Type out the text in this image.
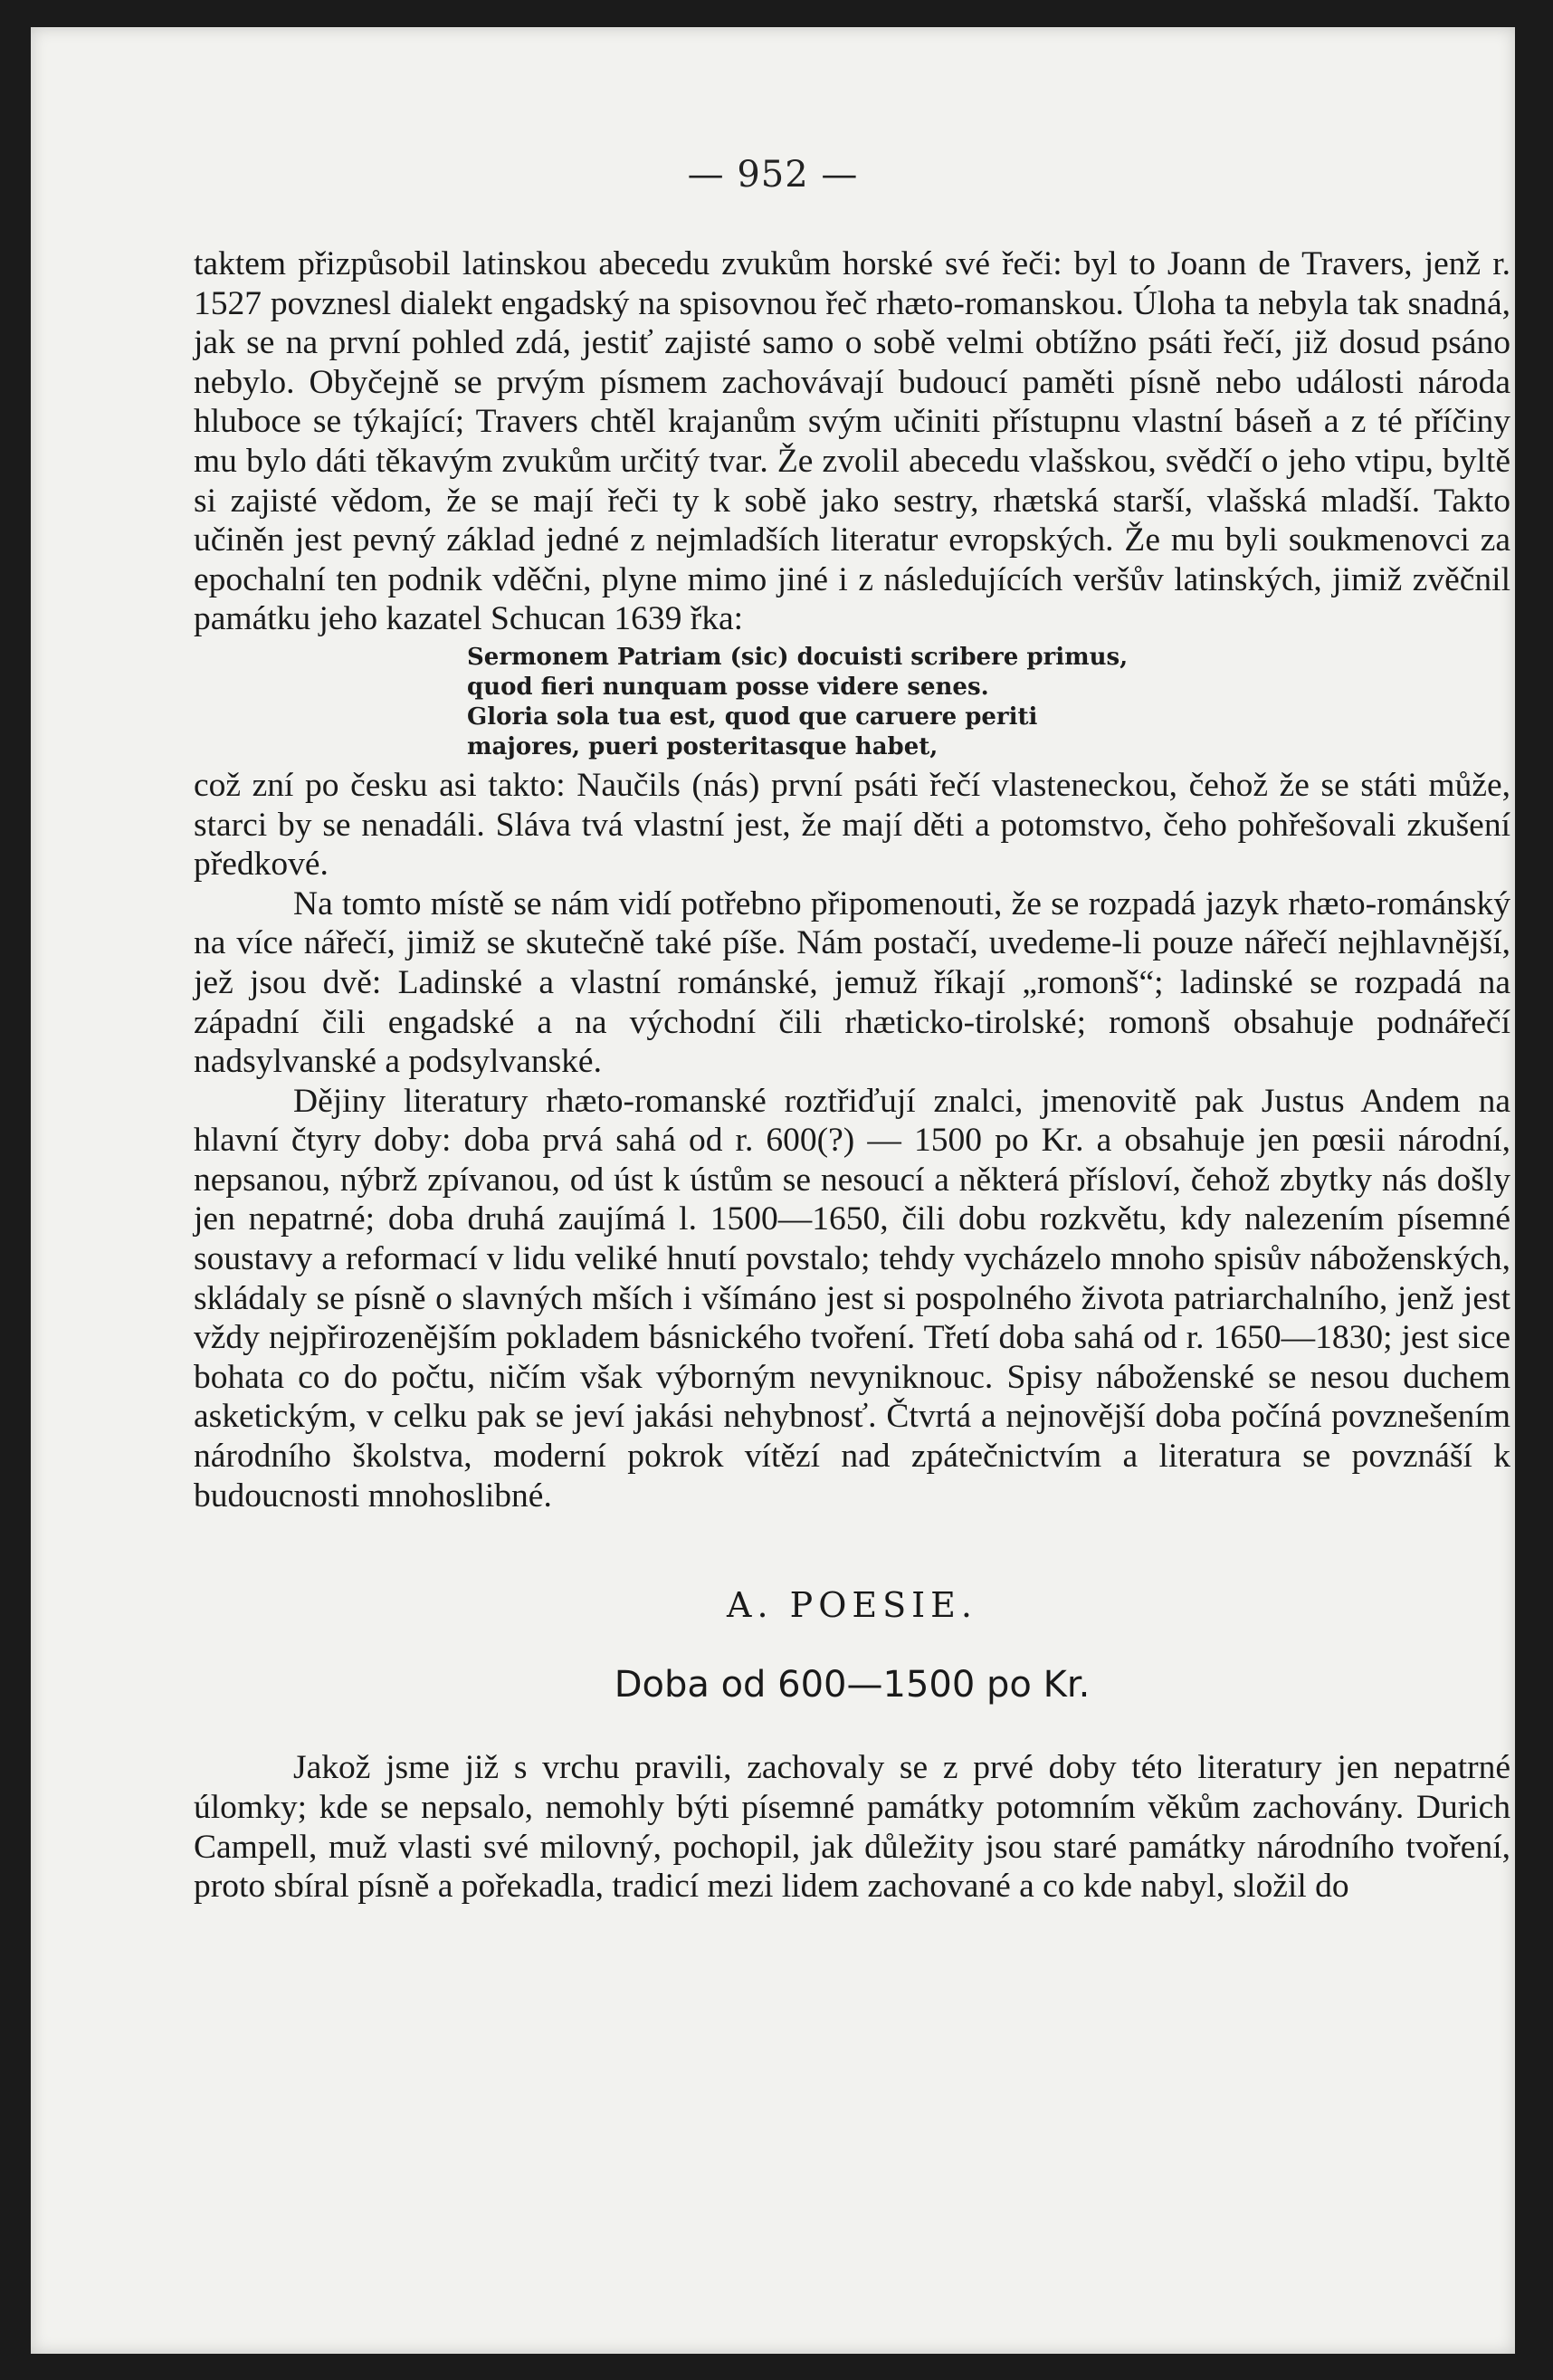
— 952 —

taktem přizpůsobil latinskou abecedu zvukům horské své řeči: byl to Joann de Travers, jenž r. 1527 povznesl dialekt engadský na spisovnou řeč rhæto-romanskou. Úloha ta nebyla tak snadná, jak se na první pohled zdá, jestiť zajisté samo o sobě velmi obtížno psáti řečí, již dosud psáno nebylo. Obyčejně se prvým písmem zachovávají budoucí paměti písně nebo události národa hluboce se týkající; Travers chtěl krajanům svým učiniti přístupnu vlastní báseň a z té příčiny mu bylo dáti těkavým zvukům určitý tvar. Že zvolil abecedu vlašskou, svědčí o jeho vtipu, byltě si zajisté vědom, že se mají řeči ty k sobě jako sestry, rhætská starší, vlašská mladší. Takto učiněn jest pevný základ jedné z nejmladších literatur evropských. Že mu byli soukmenovci za epochalní ten podnik vděčni, plyne mimo jiné i z následujících veršův latinských, jimiž zvěčnil památku jeho kazatel Schucan 1639 řka:

Sermonem Patriam (sic) docuisti scribere primus,
quod fieri nunquam posse videre senes.
Gloria sola tua est, quod que caruere periti
majores, pueri posteritasque habet,

což zní po česku asi takto: Naučils (nás) první psáti řečí vlasteneckou, čehož že se státi může, starci by se nenadáli. Sláva tvá vlastní jest, že mají děti a potomstvo, čeho pohřešovali zkušení předkové.

Na tomto místě se nám vidí potřebno připomenouti, že se rozpadá jazyk rhæto-románský na více nářečí, jimiž se skutečně také píše. Nám postačí, uvedeme-li pouze nářečí nejhlavnější, jež jsou dvě: Ladinské a vlastní románské, jemuž říkají „romonš“; ladinské se rozpadá na západní čili engadské a na východní čili rhæticko-tirolské; romonš obsahuje podnářečí nadsylvanské a podsylvanské.

Dějiny literatury rhæto-romanské roztřiďují znalci, jmenovitě pak Justus Andem na hlavní čtyry doby: doba prvá sahá od r. 600(?) — 1500 po Kr. a obsahuje jen pœsii národní, nepsanou, nýbrž zpívanou, od úst k ústům se nesoucí a některá přísloví, čehož zbytky nás došly jen nepatrné; doba druhá zaujímá l. 1500—1650, čili dobu rozkvětu, kdy nalezením písemné soustavy a reformací v lidu veliké hnutí povstalo; tehdy vycházelo mnoho spisův náboženských, skládaly se písně o slavných mších i všímáno jest si pospolného života patriarchalního, jenž jest vždy nejpřirozenějším pokladem básnického tvoření. Třetí doba sahá od r. 1650—1830; jest sice bohata co do počtu, ničím však výborným nevyniknouc. Spisy náboženské se nesou duchem asketickým, v celku pak se jeví jakási nehybnosť. Čtvrtá a nejnovější doba počíná povznešením národního školstva, moderní pokrok vítězí nad zpátečnictvím a literatura se povznáší k budoucnosti mnohoslibné.

A. POESIE.
Doba od 600—1500 po Kr.

Jakož jsme již s vrchu pravili, zachovaly se z prvé doby této literatury jen nepatrné úlomky; kde se nepsalo, nemohly býti písemné památky potomním věkům zachovány. Durich Campell, muž vlasti své milovný, pochopil, jak důležity jsou staré památky národního tvoření, proto sbíral písně a pořekadla, tradicí mezi lidem zachované a co kde nabyl, složil do
